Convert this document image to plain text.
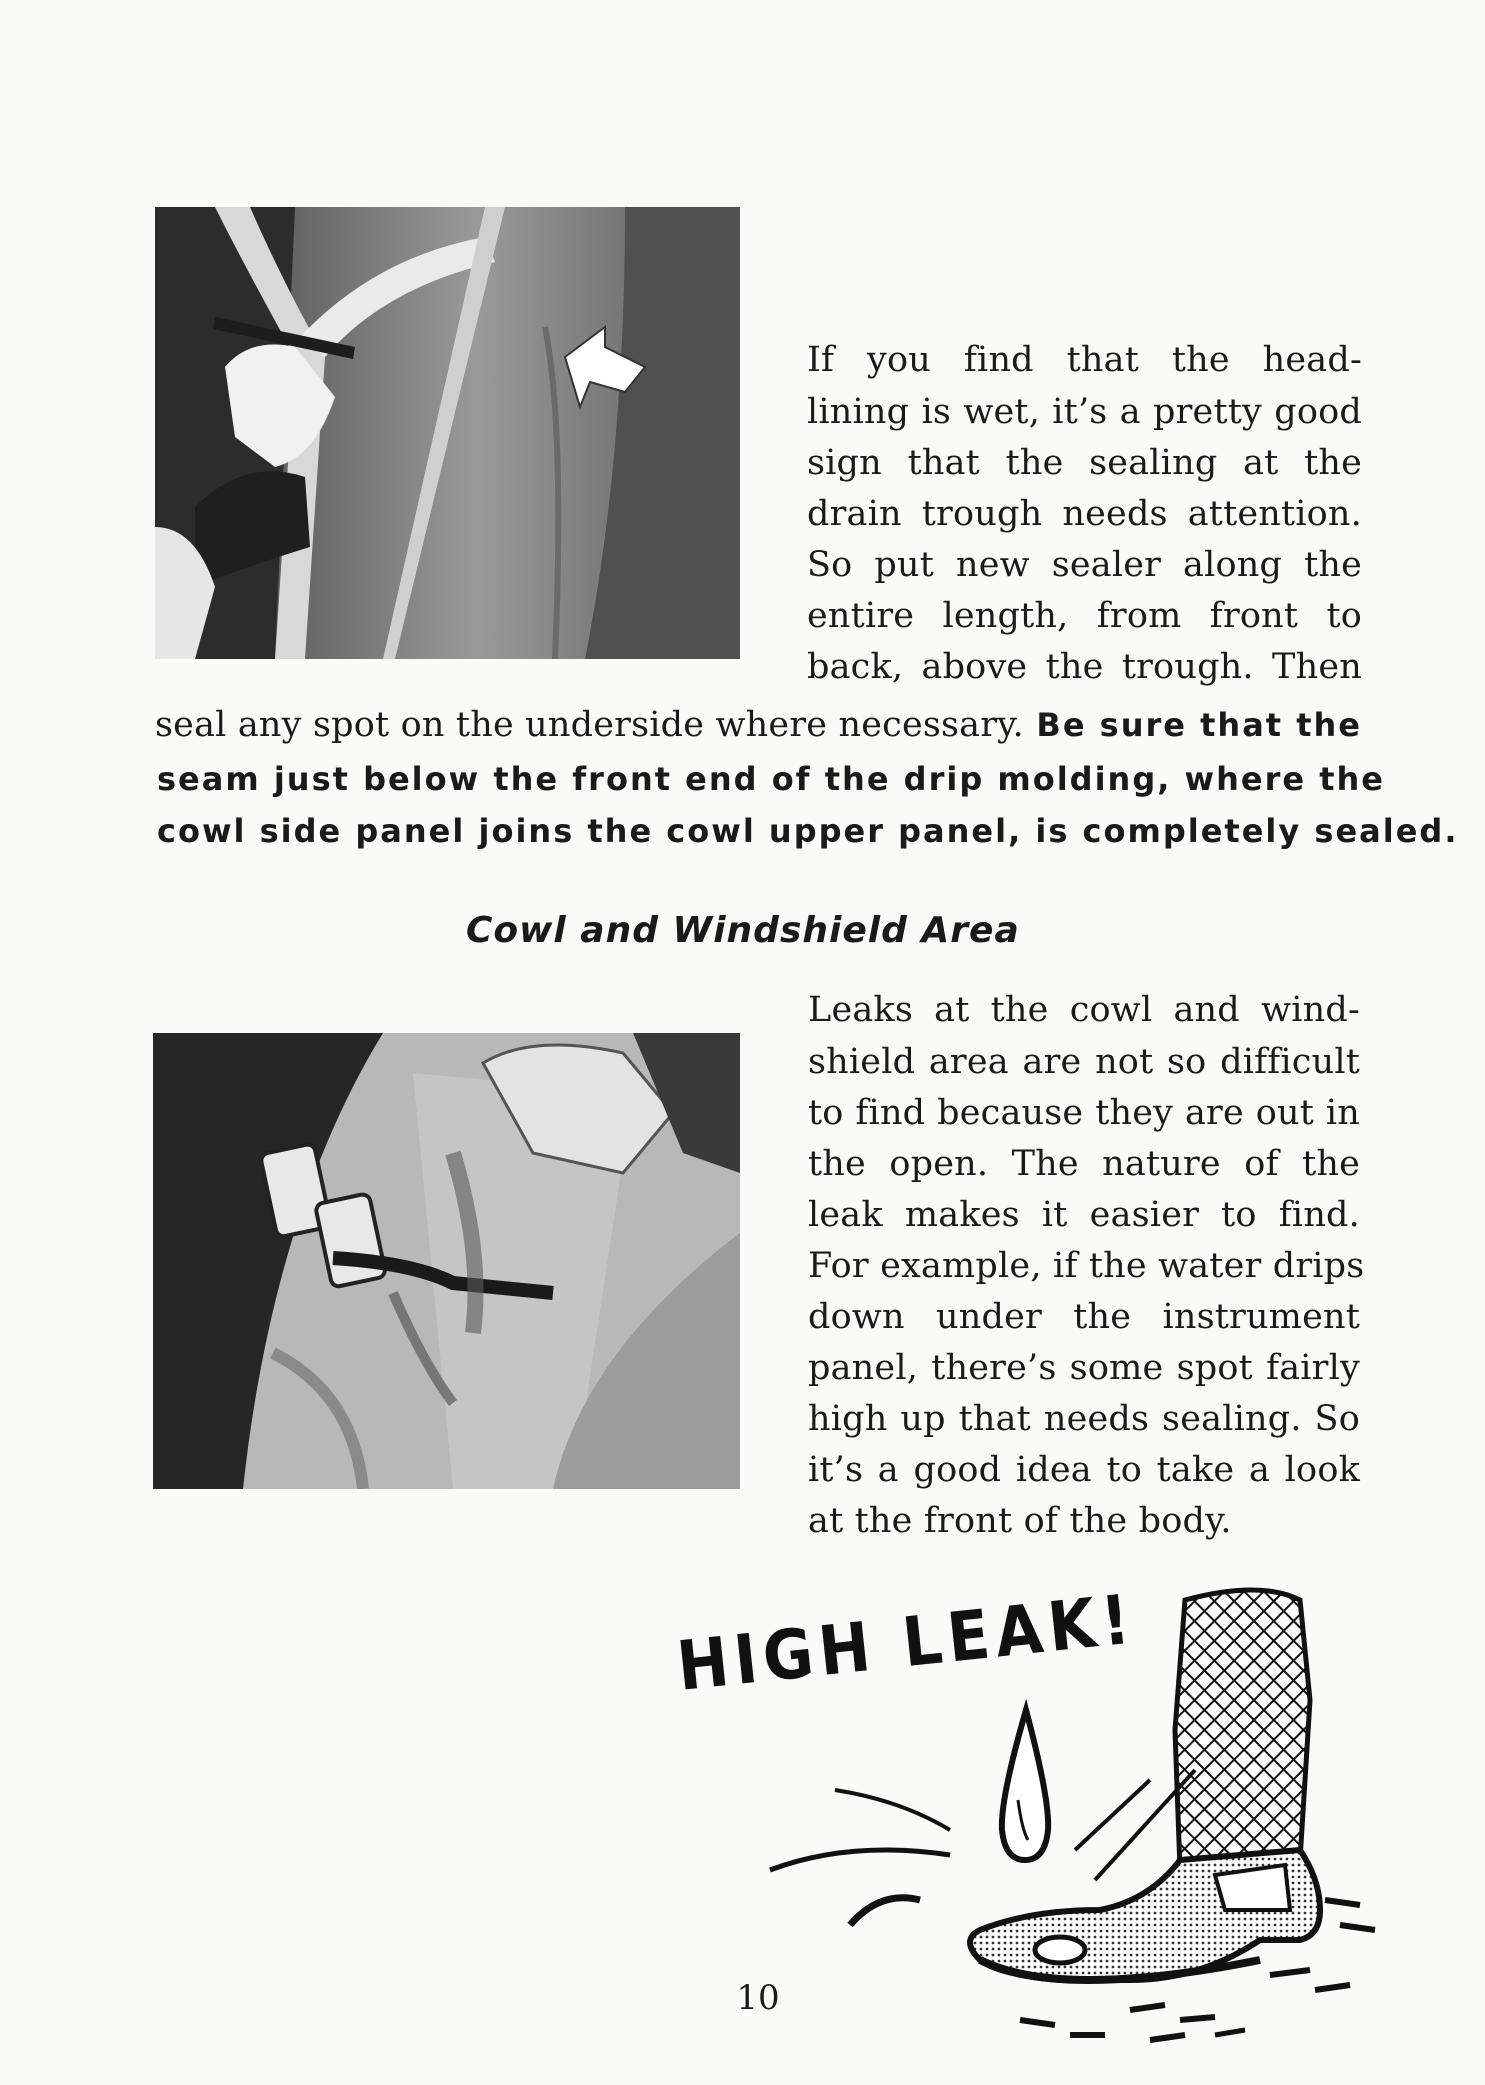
If you find that the head-
lining is wet, it’s a pretty good
sign that the sealing at the
drain trough needs attention.
So put new sealer along the
entire length, from front to
back, above the trough. Then
seal any spot on the underside where necessary. Be sure that the
seam just below the front end of the drip molding, where the
cowl side panel joins the cowl upper panel, is completely sealed.
Cowl and Windshield Area
Leaks at the cowl and wind-
shield area are not so difficult
to find because they are out in
the open. The nature of the
leak makes it easier to find.
For example, if the water drips
down under the instrument
panel, there’s some spot fairly
high up that needs sealing. So
it’s a good idea to take a look
at the front of the body.
HIGH LEAK!
10
